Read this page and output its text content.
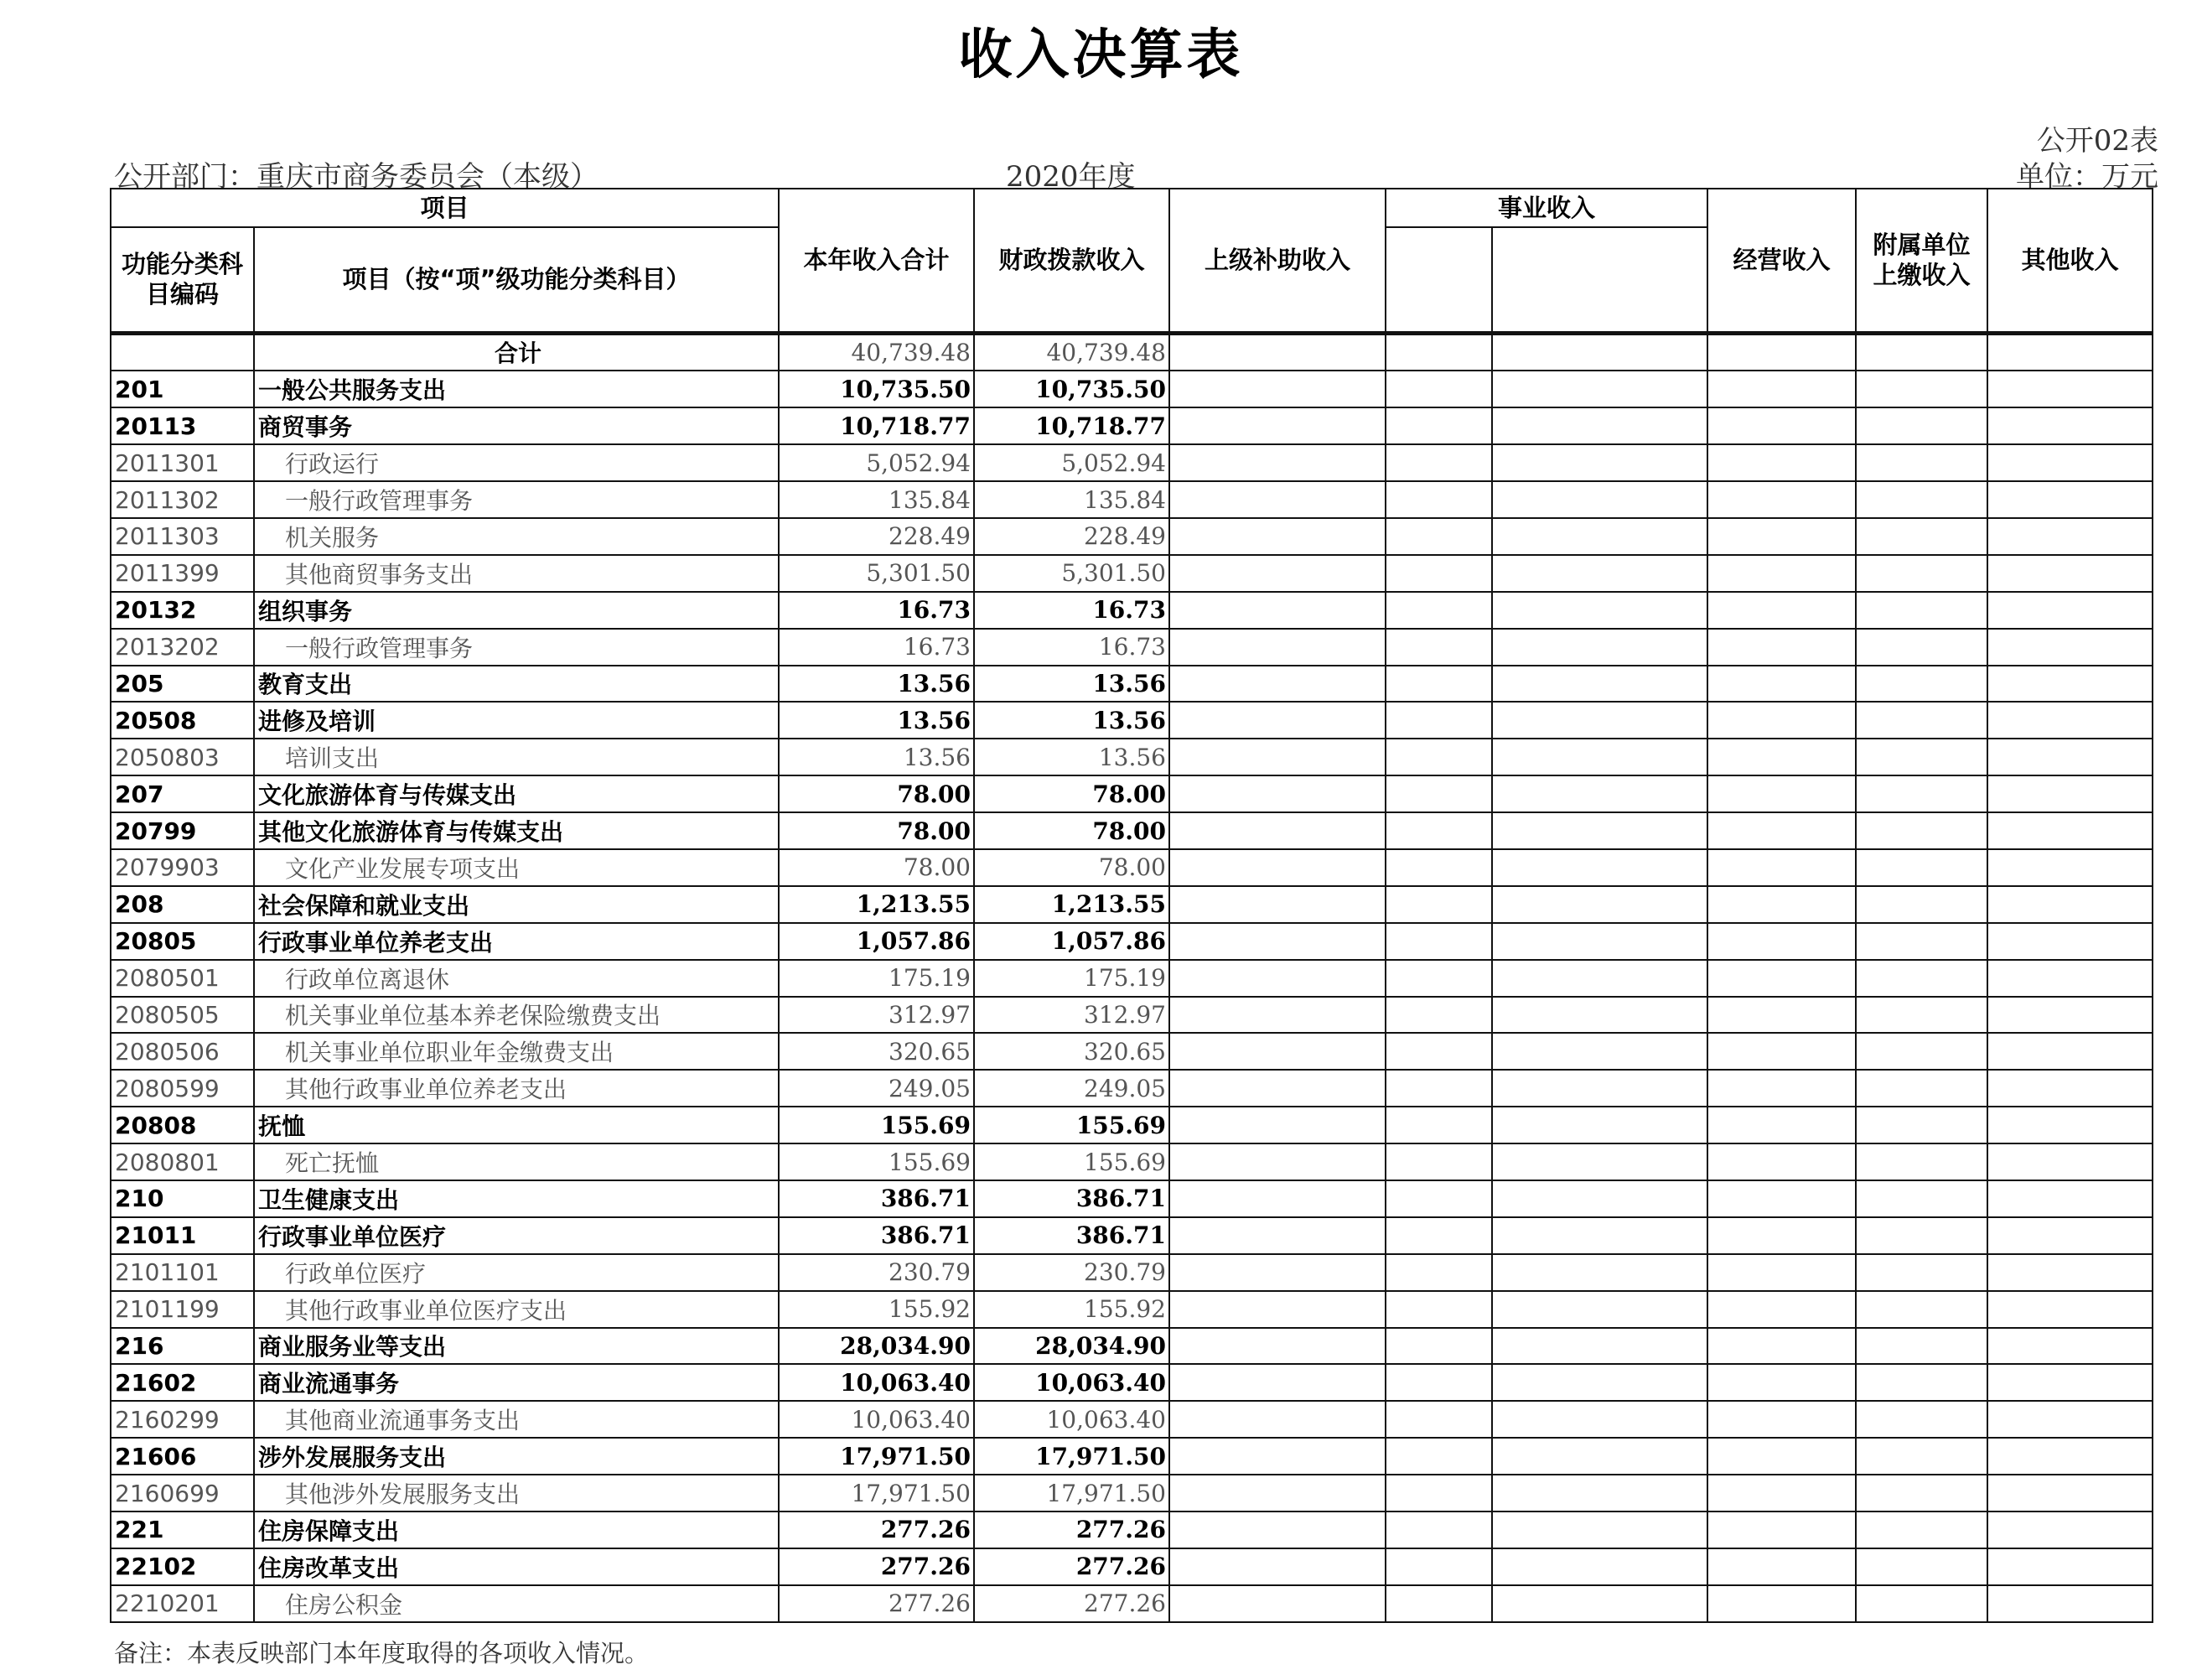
收入决算表
公开02表
公开部门：重庆市商务委员会（本级）	2020年度	单位：万元
项目		本年收入合计	财政拨款收入	上级补助收入	事业收入		经营收入	附属单位上缴收入	其他收入
功能分类科目编码	项目（按“项”级功能分类科目）								

	合计	40,739.48	40,739.48						
201	一般公共服务支出	10,735.50	10,735.50						
20113	商贸事务	10,718.77	10,718.77						
2011301	行政运行	5,052.94	5,052.94						
2011302	一般行政管理事务	135.84	135.84						
2011303	机关服务	228.49	228.49						
2011399	其他商贸事务支出	5,301.50	5,301.50						
20132	组织事务	16.73	16.73						
2013202	一般行政管理事务	16.73	16.73						
205	教育支出	13.56	13.56						
20508	进修及培训	13.56	13.56						
2050803	培训支出	13.56	13.56						
207	文化旅游体育与传媒支出	78.00	78.00						
20799	其他文化旅游体育与传媒支出	78.00	78.00						
2079903	文化产业发展专项支出	78.00	78.00						
208	社会保障和就业支出	1,213.55	1,213.55						
20805	行政事业单位养老支出	1,057.86	1,057.86						
2080501	行政单位离退休	175.19	175.19						
2080505	机关事业单位基本养老保险缴费支出	312.97	312.97						
2080506	机关事业单位职业年金缴费支出	320.65	320.65						
2080599	其他行政事业单位养老支出	249.05	249.05						
20808	抚恤	155.69	155.69						
2080801	死亡抚恤	155.69	155.69						
210	卫生健康支出	386.71	386.71						
21011	行政事业单位医疗	386.71	386.71						
2101101	行政单位医疗	230.79	230.79						
2101199	其他行政事业单位医疗支出	155.92	155.92						
216	商业服务业等支出	28,034.90	28,034.90						
21602	商业流通事务	10,063.40	10,063.40						
2160299	其他商业流通事务支出	10,063.40	10,063.40						
21606	涉外发展服务支出	17,971.50	17,971.50						
2160699	其他涉外发展服务支出	17,971.50	17,971.50						
221	住房保障支出	277.26	277.26						
22102	住房改革支出	277.26	277.26						
2210201	住房公积金	277.26	277.26						
备注：本表反映部门本年度取得的各项收入情况。
